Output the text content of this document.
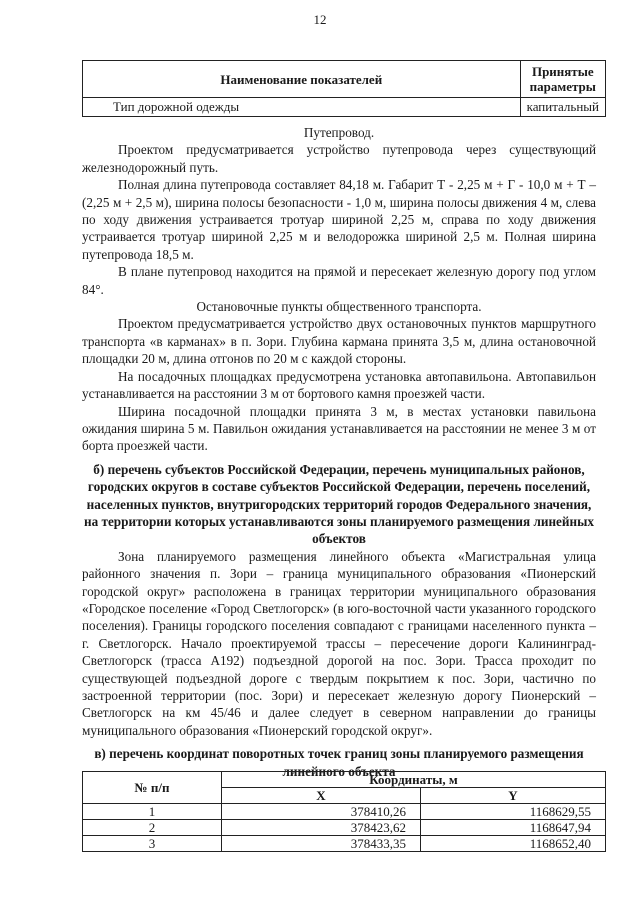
12
Наименование показателей	Принятые параметры
Тип дорожной одежды	капитальный

Путепровод.

Проектом предусматривается устройство путепровода через существующий железнодорожный путь.

Полная длина путепровода составляет 84,18 м. Габарит Т - 2,25 м + Г - 10,0 м + Т – (2,25 м + 2,5 м), ширина полосы безопасности - 1,0 м, ширина полосы движения 4 м, слева по ходу движения устраивается тротуар шириной 2,25 м, справа по ходу движения устраивается тротуар шириной 2,25 м и велодорожка шириной 2,5 м. Полная ширина путепровода 18,5 м.

В плане путепровод находится на прямой и пересекает железную дорогу под углом 84°.

Остановочные пункты общественного транспорта.

Проектом предусматривается устройство двух остановочных пунктов маршрутного транспорта «в карманах» в п. Зори. Глубина кармана принята 3,5 м, длина остановочной площадки 20 м, длина отгонов по 20 м с каждой стороны.

На посадочных площадках предусмотрена установка автопавильона. Автопавильон устанавливается на расстоянии 3 м от бортового камня проезжей части.

Ширина посадочной площадки принята 3 м, в местах установки павильона ожидания ширина 5 м. Павильон ожидания устанавливается на расстоянии не менее 3 м от борта проезжей части.

б) перечень субъектов Российской Федерации, перечень муниципальных районов, городских округов в составе субъектов Российской Федерации, перечень поселений, населенных пунктов, внутригородских территорий городов Федерального значения, на территории которых устанавливаются зоны планируемого размещения линейных объектов

Зона планируемого размещения линейного объекта «Магистральная улица районного значения п. Зори – граница муниципального образования «Пионерский городской округ» расположена в границах территории муниципального образования «Городское поселение «Город Светлогорск» (в юго-восточной части указанного городского поселения). Границы городского поселения совпадают с границами населенного пункта – г. Светлогорск. Начало проектируемой трассы – пересечение дороги Калининград-Светлогорск (трасса А192) подъездной дорогой на пос. Зори. Трасса проходит по существующей подъездной дороге с твердым покрытием к пос. Зори, частично по застроенной территории (пос. Зори) и пересекает железную дорогу Пионерский – Светлогорск на км 45/46 и далее следует в северном направлении до границы муниципального образования «Пионерский городской округ».

в) перечень координат поворотных точек границ зоны планируемого размещения линейного объекта

№ п/п	Координаты, м	
	X	Y
1	378410,26	1168629,55
2	378423,62	1168647,94
3	378433,35	1168652,40
